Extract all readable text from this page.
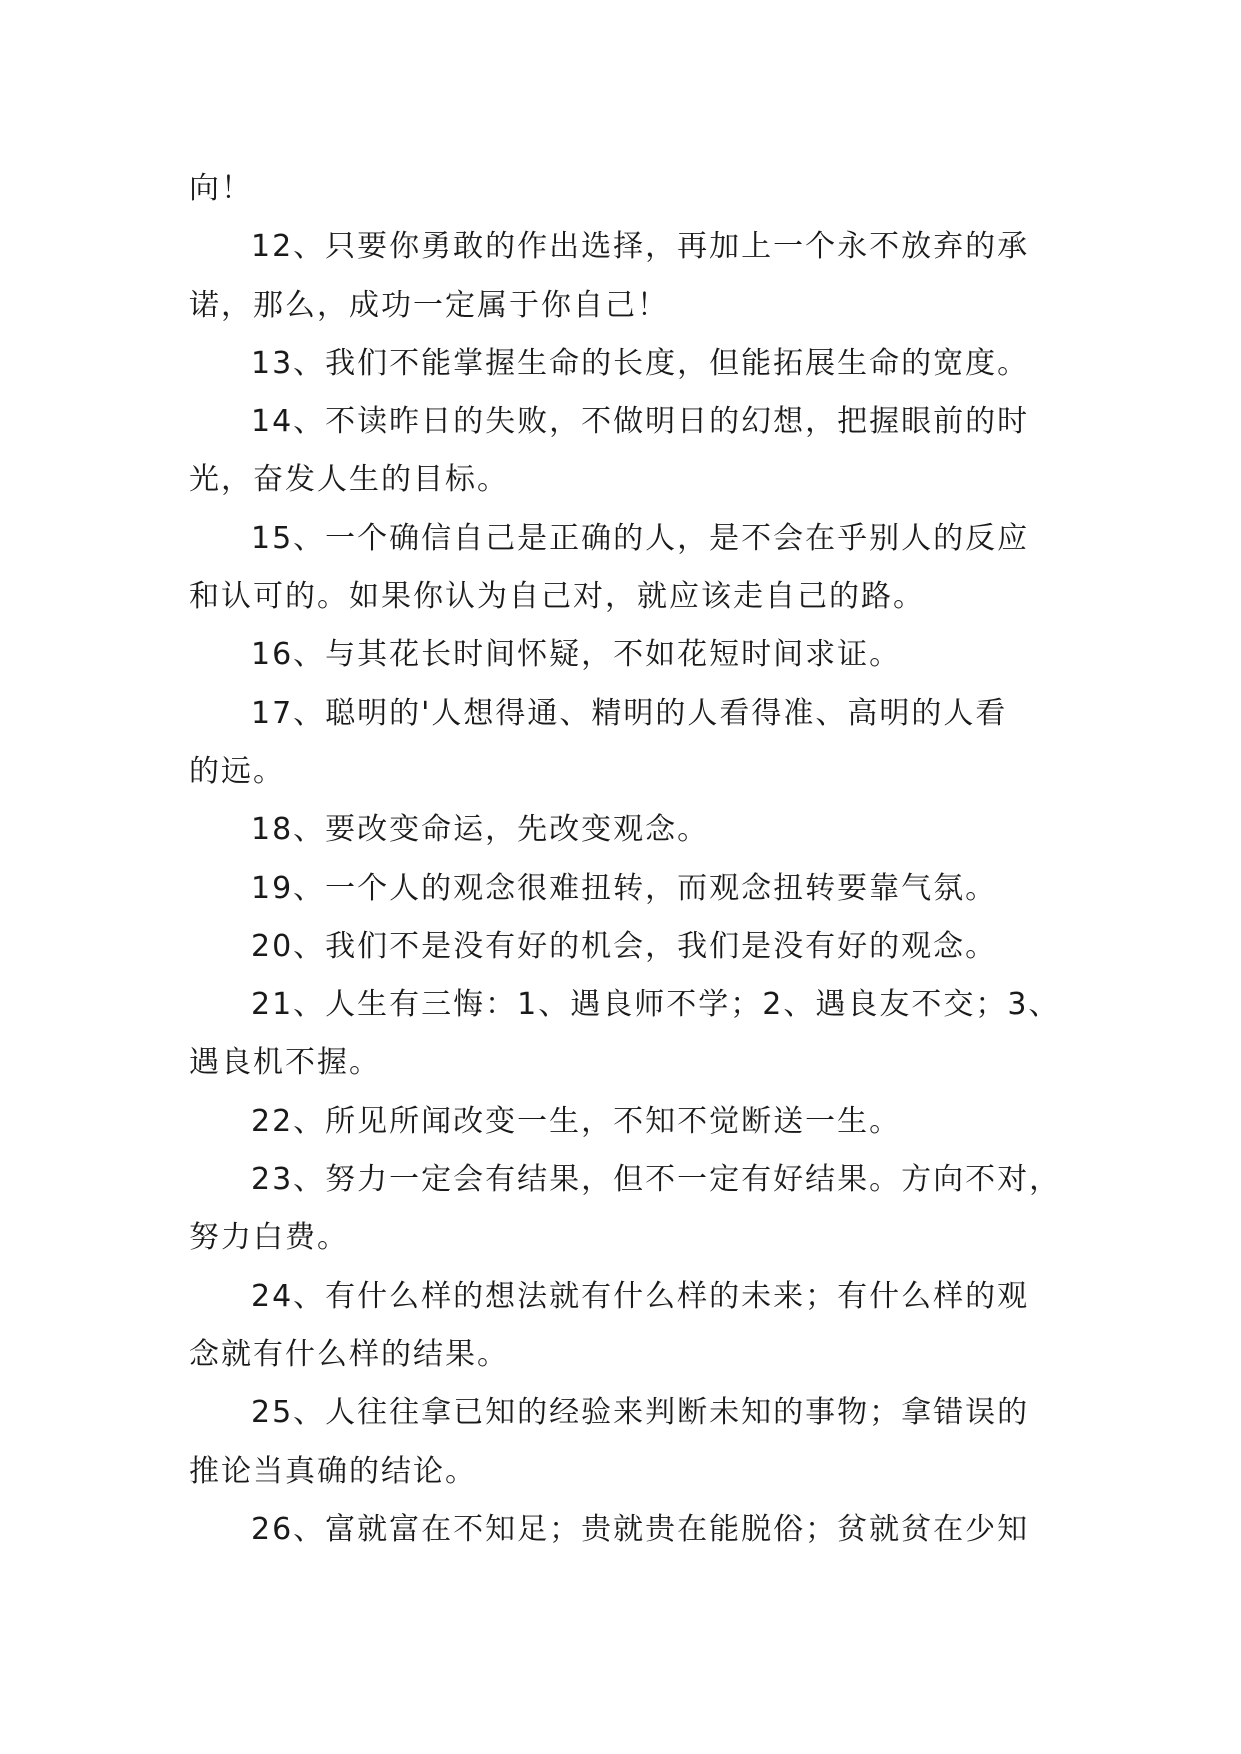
向！
12、只要你勇敢的作出选择，再加上一个永不放弃的承
诺，那么，成功一定属于你自己！
13、我们不能掌握生命的长度，但能拓展生命的宽度。
14、不读昨日的失败，不做明日的幻想，把握眼前的时
光，奋发人生的目标。
15、一个确信自己是正确的人，是不会在乎别人的反应
和认可的。如果你认为自己对，就应该走自己的路。
16、与其花长时间怀疑，不如花短时间求证。
17、聪明的'人想得通、精明的人看得准、高明的人看
的远。
18、要改变命运，先改变观念。
19、一个人的观念很难扭转，而观念扭转要靠气氛。
20、我们不是没有好的机会，我们是没有好的观念。
21、人生有三悔：1、遇良师不学；2、遇良友不交；3、
遇良机不握。
22、所见所闻改变一生，不知不觉断送一生。
23、努力一定会有结果，但不一定有好结果。方向不对，
努力白费。
24、有什么样的想法就有什么样的未来；有什么样的观
念就有什么样的结果。
25、人往往拿已知的经验来判断未知的事物；拿错误的
推论当真确的结论。
26、富就富在不知足；贵就贵在能脱俗；贫就贫在少知
